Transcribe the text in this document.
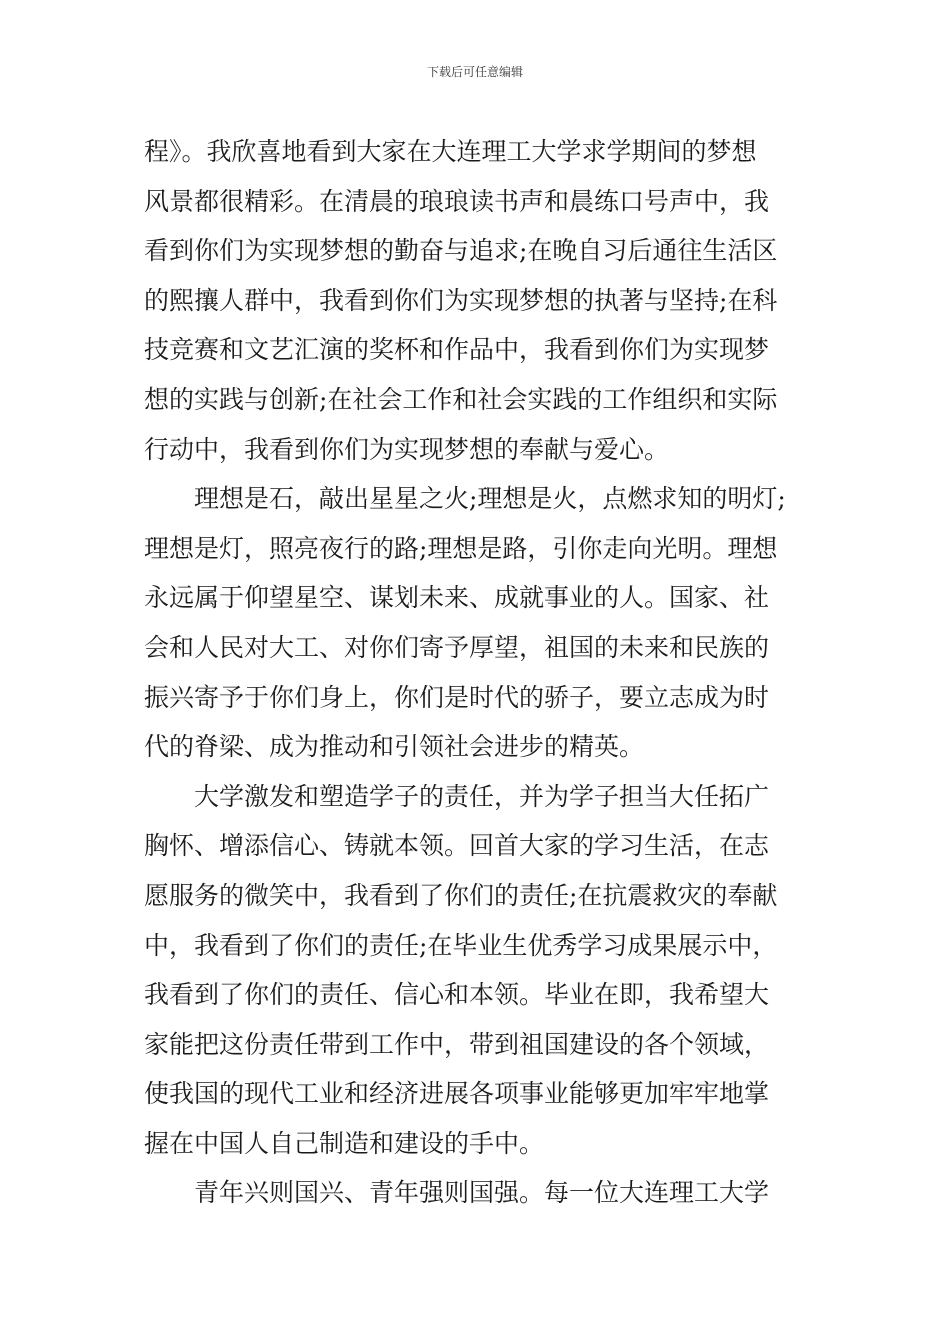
下载后可任意编辑
程》。我欣喜地看到大家在大连理工大学求学期间的梦想
风景都很精彩。在清晨的琅琅读书声和晨练口号声中，我
看到你们为实现梦想的勤奋与追求;在晚自习后通往生活区
的熙攘人群中，我看到你们为实现梦想的执著与坚持;在科
技竞赛和文艺汇演的奖杯和作品中，我看到你们为实现梦
想的实践与创新;在社会工作和社会实践的工作组织和实际
行动中，我看到你们为实现梦想的奉献与爱心。
理想是石，敲出星星之火;理想是火，点燃求知的明灯;
理想是灯，照亮夜行的路;理想是路，引你走向光明。理想
永远属于仰望星空、谋划未来、成就事业的人。国家、社
会和人民对大工、对你们寄予厚望，祖国的未来和民族的
振兴寄予于你们身上，你们是时代的骄子，要立志成为时
代的脊梁、成为推动和引领社会进步的精英。
大学激发和塑造学子的责任，并为学子担当大任拓广
胸怀、增添信心、铸就本领。回首大家的学习生活，在志
愿服务的微笑中，我看到了你们的责任;在抗震救灾的奉献
中，我看到了你们的责任;在毕业生优秀学习成果展示中，
我看到了你们的责任、信心和本领。毕业在即，我希望大
家能把这份责任带到工作中，带到祖国建设的各个领域，
使我国的现代工业和经济进展各项事业能够更加牢牢地掌
握在中国人自己制造和建设的手中。
青年兴则国兴、青年强则国强。每一位大连理工大学
